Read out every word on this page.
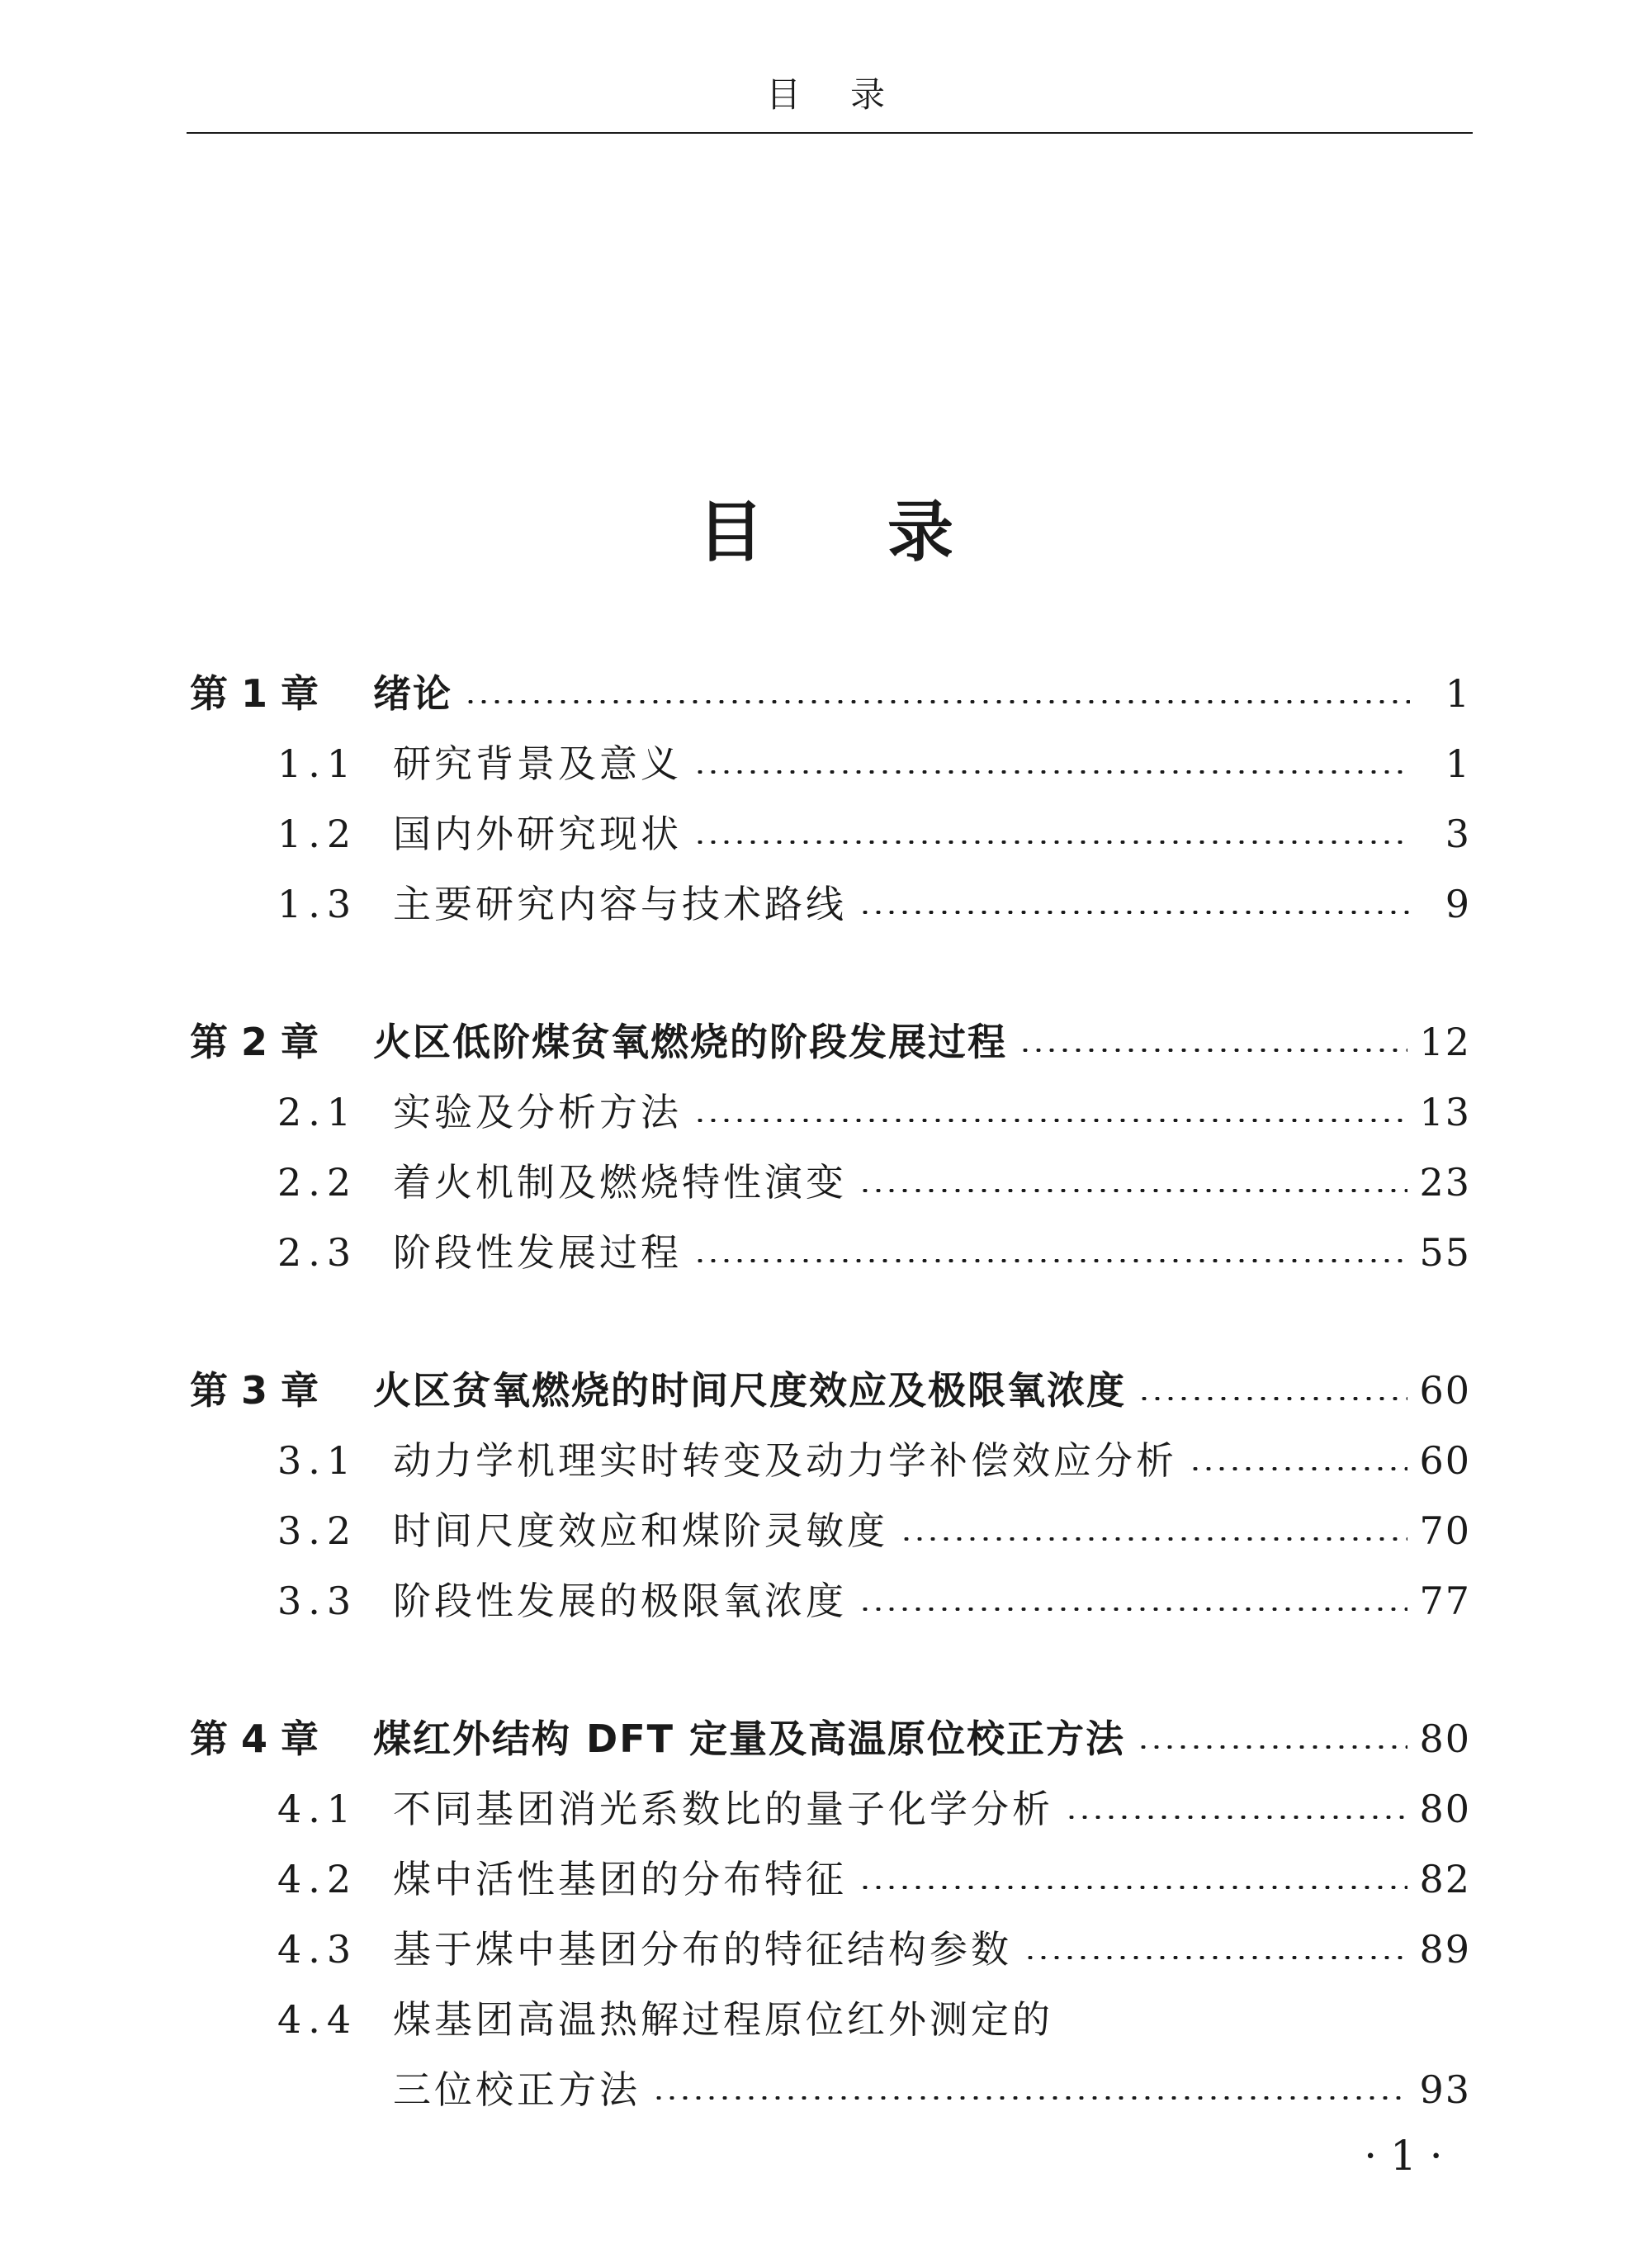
目录
目录
第 1 章	绪论	1
1.1 研究背景及意义	1
1.2 国内外研究现状	3
1.3 主要研究内容与技术路线	9
第 2 章	火区低阶煤贫氧燃烧的阶段发展过程	12
2.1 实验及分析方法	13
2.2 着火机制及燃烧特性演变	23
2.3 阶段性发展过程	55
第 3 章	火区贫氧燃烧的时间尺度效应及极限氧浓度	60
3.1 动力学机理实时转变及动力学补偿效应分析	60
3.2 时间尺度效应和煤阶灵敏度	70
3.3 阶段性发展的极限氧浓度	77
第 4 章	煤红外结构 DFT 定量及高温原位校正方法	80
4.1 不同基团消光系数比的量子化学分析	80
4.2 煤中活性基团的分布特征	82
4.3 基于煤中基团分布的特征结构参数	89
4.4 煤基团高温热解过程原位红外测定的
三位校正方法	93
· 1 ·
